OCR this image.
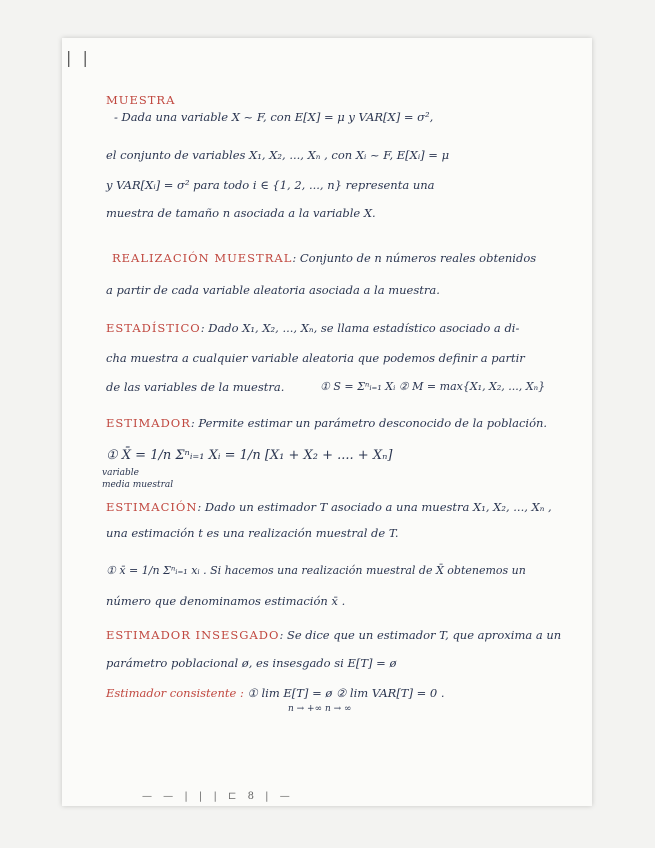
| |
MUESTRA
- Dada una variable X ~ F, con E[X] = μ y VAR[X] = σ²,
el conjunto de variables X₁, X₂, ..., Xₙ , con Xᵢ ~ F, E[Xᵢ] = μ
y VAR[Xᵢ] = σ² para todo i ∈ {1, 2, ..., n} representa una
muestra de tamaño n asociada a la variable X.
REALIZACIÓN MUESTRAL: Conjunto de n números reales obtenidos
a partir de cada variable aleatoria asociada a la muestra.
ESTADÍSTICO: Dado X₁, X₂, ..., Xₙ, se llama estadístico asociado a di-
cha muestra a cualquier variable aleatoria que podemos definir a partir
de las variables de la muestra.	① S = Σⁿᵢ₌₁ Xᵢ ② M = max{X₁, X₂, ..., Xₙ}
ESTIMADOR: Permite estimar un parámetro desconocido de la población.
① X̄ = 1/n Σⁿᵢ₌₁ Xᵢ = 1/n [X₁ + X₂ + .... + Xₙ]
variable
media muestral
ESTIMACIÓN: Dado un estimador T asociado a una muestra X₁, X₂, ..., Xₙ ,
una estimación t es una realización muestral de T.
① x̄ = 1/n Σⁿᵢ₌₁ xᵢ . Si hacemos una realización muestral de X̄ obtenemos un
número que denominamos estimación x̄ .
ESTIMADOR INSESGADO: Se dice que un estimador T, que aproxima a un
parámetro poblacional ø, es insesgado si E[T] = ø
Estimador consistente : ① lim E[T] = ø ② lim VAR[T] = 0 .
n → +∞ n → ∞
— — | | | ⊏ 8 | —
